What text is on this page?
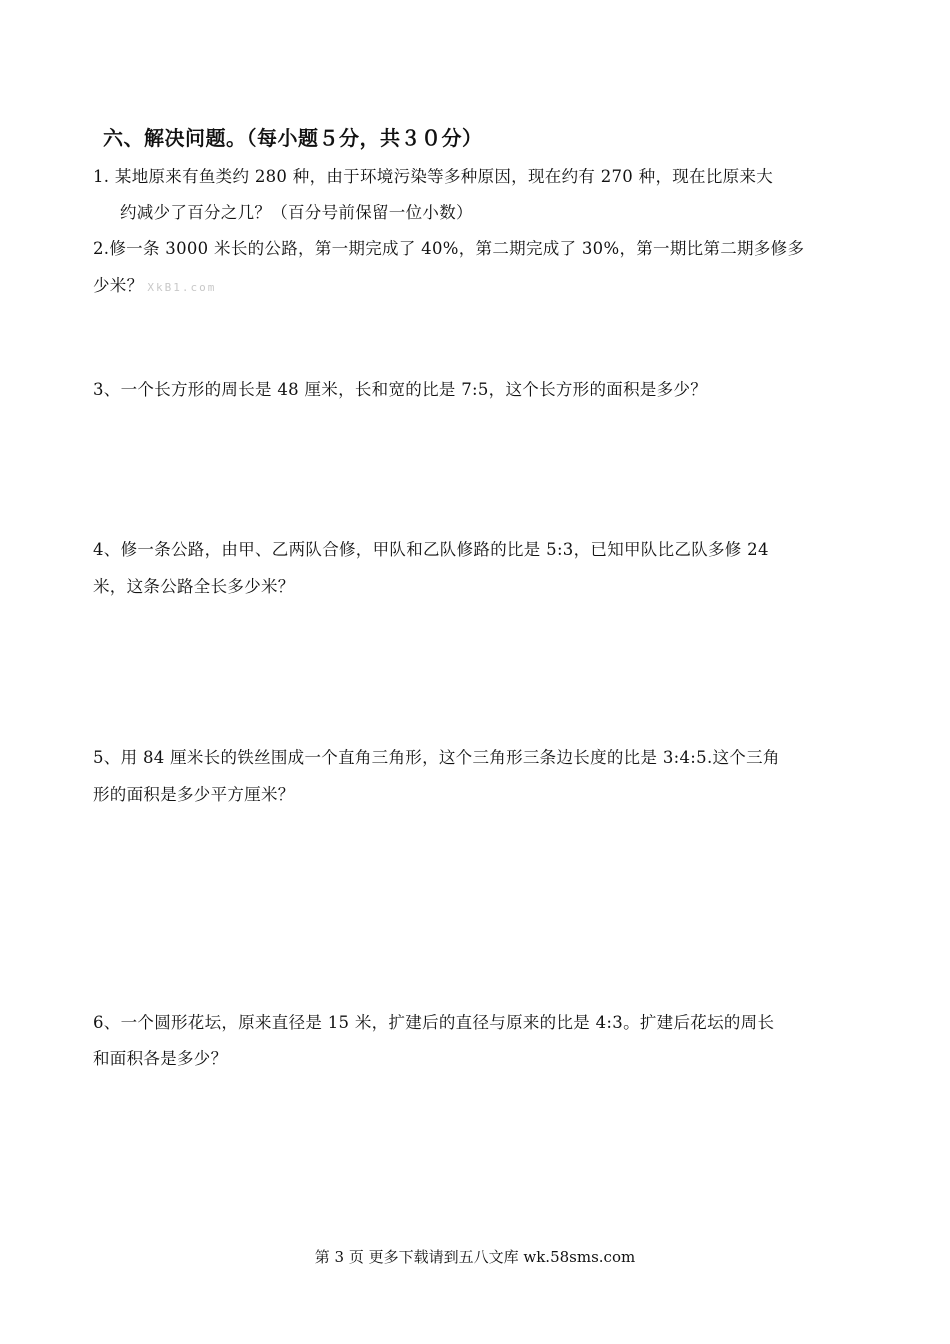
六、解决问题。（每小题５分，共３０分）
1. 某地原来有鱼类约 280 种，由于环境污染等多种原因，现在约有 270 种，现在比原来大
约减少了百分之几？（百分号前保留一位小数）
2.修一条 3000 米长的公路，第一期完成了 40%，第二期完成了 30%，第一期比第二期多修多
少米？ XkB1.com
3、一个长方形的周长是 48 厘米，长和宽的比是 7:5，这个长方形的面积是多少？
4、修一条公路，由甲、乙两队合修，甲队和乙队修路的比是 5:3，已知甲队比乙队多修 24
米，这条公路全长多少米？
5、用 84 厘米长的铁丝围成一个直角三角形，这个三角形三条边长度的比是 3:4:5.这个三角
形的面积是多少平方厘米？
6、一个圆形花坛，原来直径是 15 米，扩建后的直径与原来的比是 4:3。扩建后花坛的周长
和面积各是多少？
第 3 页 更多下载请到五八文库 wk.58sms.com
